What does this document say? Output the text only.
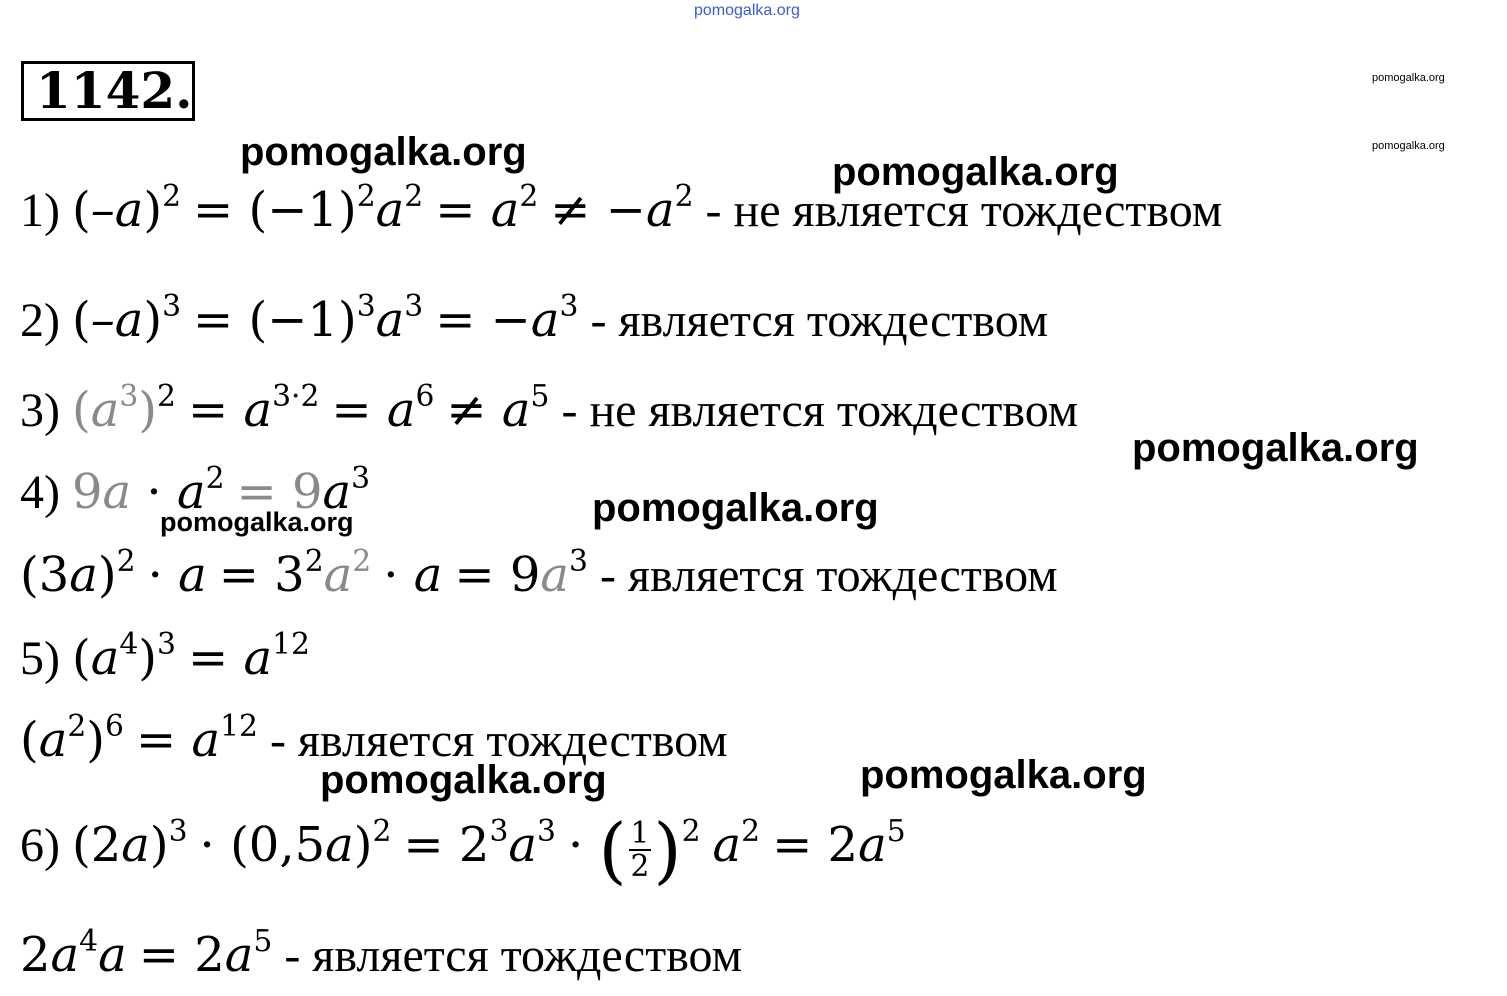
pomogalka.org
pomogalka.org
pomogalka.org
1142.
1) $(-a)^2 = (-1)^2a^2 = a^2 \ne -a^2$ - не является тождеством
2) $(-a)^3 = (-1)^3a^3 = -a^3$ - является тождеством
3) $(a^3)^2 = a^{3\cdot 2} = a^6 \ne a^5$ - не является тождеством
4) $9a \cdot a^2 = 9a^3$
$(3a)^2 \cdot a = 3^2a^2 \cdot a = 9a^3$ - является тождеством
5) $(a^4)^3 = a^{12}$
$(a^2)^6 = a^{12}$ - является тождеством
6) $(2a)^3 \cdot (0,5a)^2 = 2^3a^3$ · ( $\frac{1}{2} )^2$ $a^2 = 2a^5$
$2a^4a = 2a^5$ - является тождеством
pomogalka.org	pomogalka.org
pomogalka.org
pomogalka.org
pomogalka.org
pomogalka.org	pomogalka.org
